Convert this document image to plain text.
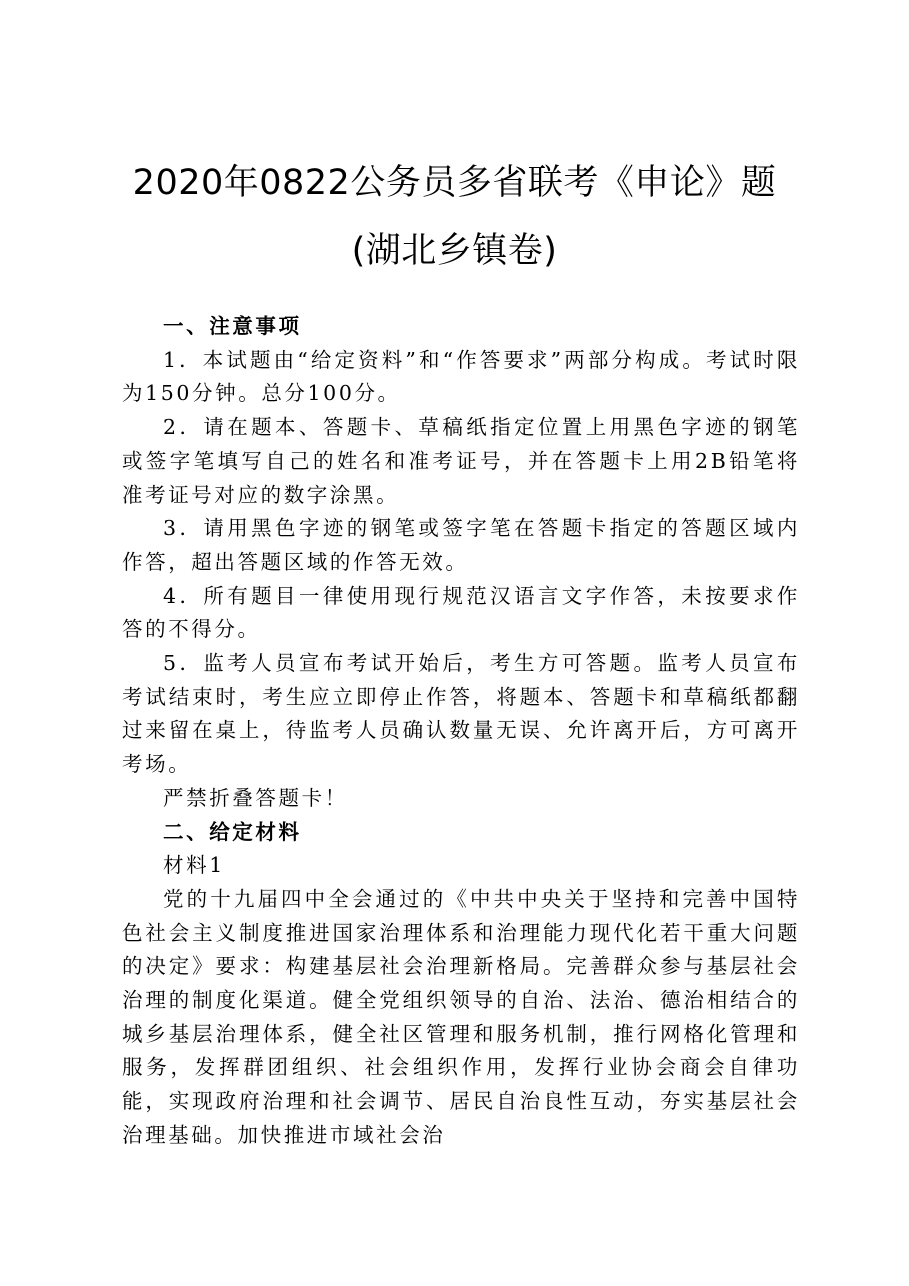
2020年0822公务员多省联考《申论》题
(湖北乡镇卷)

一、注意事项

1．本试题由“给定资料”和“作答要求”两部分构成。考试时限为150分钟。总分100分。

2．请在题本、答题卡、草稿纸指定位置上用黑色字迹的钢笔或签字笔填写自己的姓名和准考证号，并在答题卡上用2B铅笔将准考证号对应的数字涂黑。

3．请用黑色字迹的钢笔或签字笔在答题卡指定的答题区域内作答，超出答题区域的作答无效。

4．所有题目一律使用现行规范汉语言文字作答，未按要求作答的不得分。

5．监考人员宣布考试开始后，考生方可答题。监考人员宣布考试结束时，考生应立即停止作答，将题本、答题卡和草稿纸都翻过来留在桌上，待监考人员确认数量无误、允许离开后，方可离开考场。

严禁折叠答题卡！

二、给定材料

材料1

党的十九届四中全会通过的《中共中央关于坚持和完善中国特色社会主义制度推进国家治理体系和治理能力现代化若干重大问题的决定》要求：构建基层社会治理新格局。完善群众参与基层社会治理的制度化渠道。健全党组织领导的自治、法治、德治相结合的城乡基层治理体系，健全社区管理和服务机制，推行网格化管理和服务，发挥群团组织、社会组织作用，发挥行业协会商会自律功能，实现政府治理和社会调节、居民自治良性互动，夯实基层社会治理基础。加快推进市域社会治
